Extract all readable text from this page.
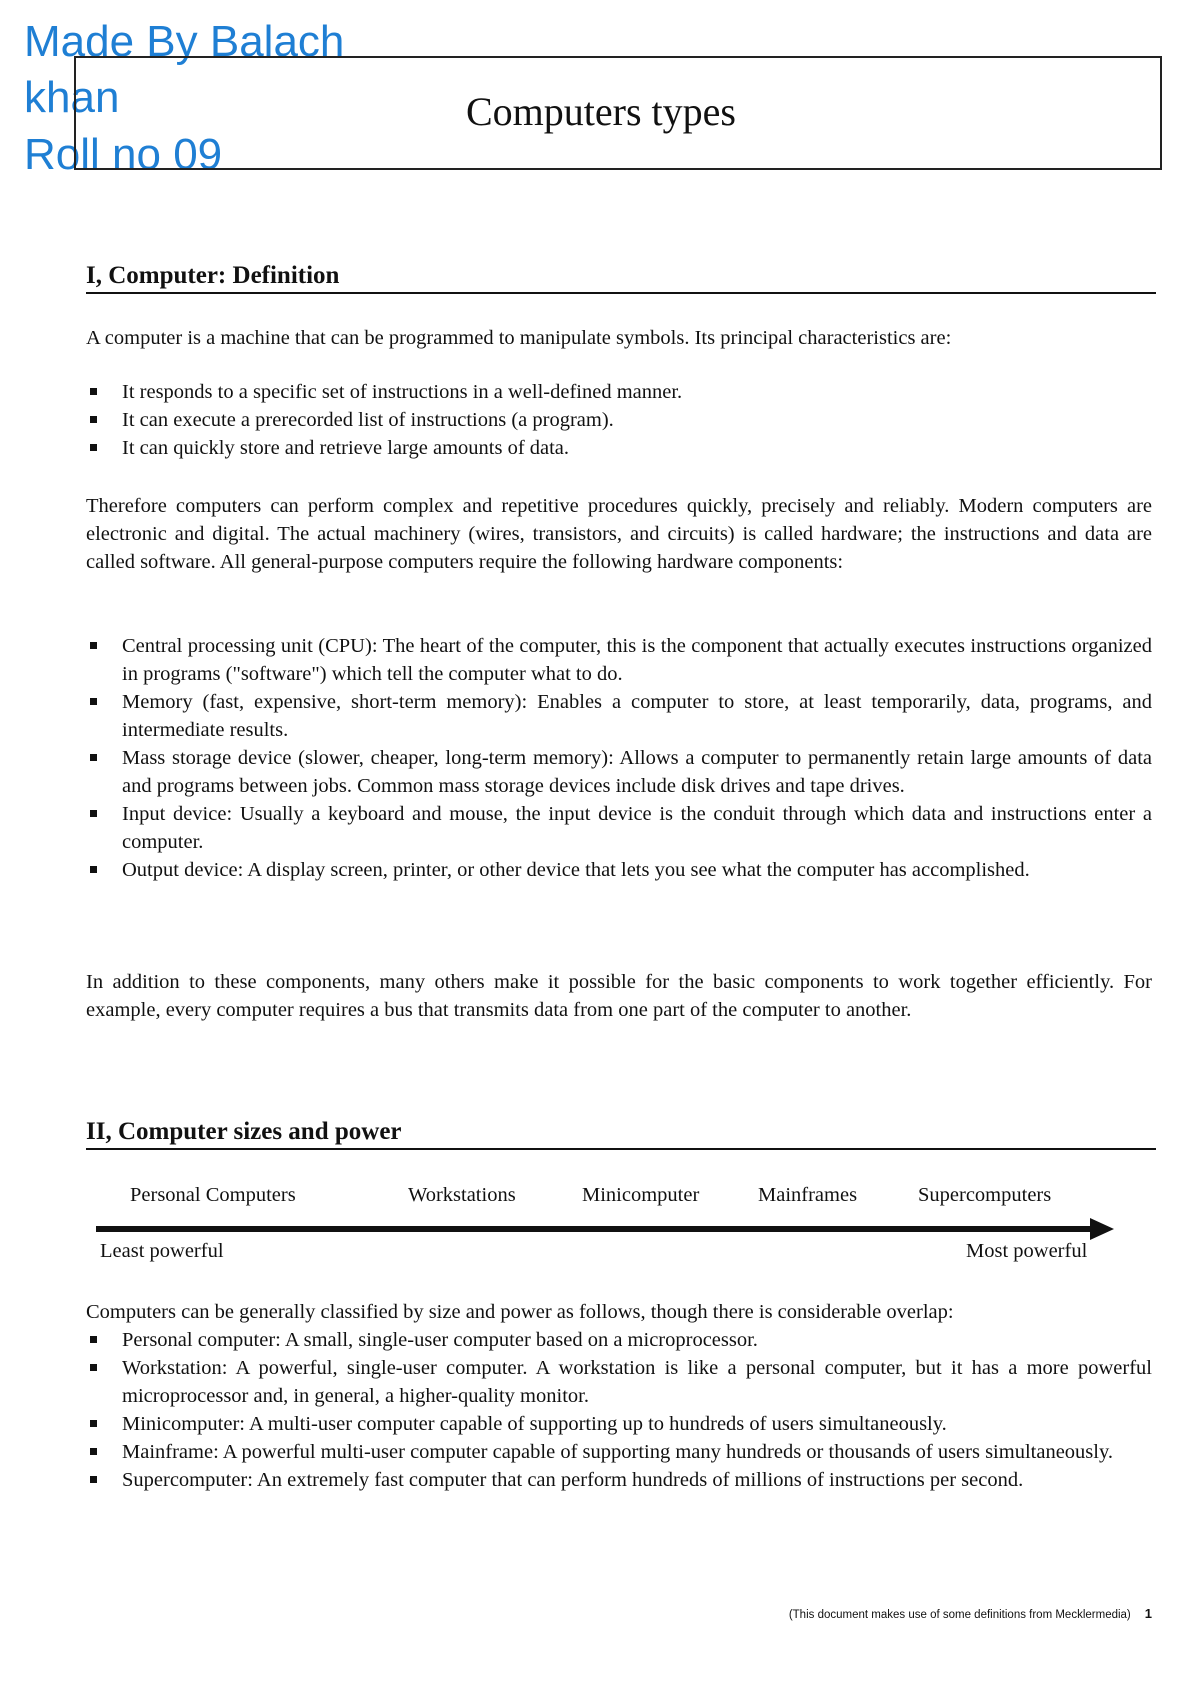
Made By Balach
khan
Roll no 09
Computers types
I, Computer: Definition

A computer is a machine that can be programmed to manipulate symbols. Its principal characteristics are:

It responds to a specific set of instructions in a well-defined manner.
It can execute a prerecorded list of instructions (a program).
It can quickly store and retrieve large amounts of data.

Therefore computers can perform complex and repetitive procedures quickly, precisely and reliably. Modern computers are electronic and digital. The actual machinery (wires, transistors, and circuits) is called hardware; the instructions and data are called software. All general-purpose computers require the following hardware components:

Central processing unit (CPU): The heart of the computer, this is the component that actually executes instructions organized in programs ("software") which tell the computer what to do.
Memory (fast, expensive, short-term memory): Enables a computer to store, at least temporarily, data, programs, and intermediate results.
Mass storage device (slower, cheaper, long-term memory): Allows a computer to permanently retain large amounts of data and programs between jobs. Common mass storage devices include disk drives and tape drives.
Input device: Usually a keyboard and mouse, the input device is the conduit through which data and instructions enter a computer.
Output device: A display screen, printer, or other device that lets you see what the computer has accomplished.

In addition to these components, many others make it possible for the basic components to work together efficiently. For example, every computer requires a bus that transmits data from one part of the computer to another.

II, Computer sizes and power
Personal Computers	Workstations	Minicomputer	Mainframes	Supercomputers
Least powerful	Most powerful

Computers can be generally classified by size and power as follows, though there is considerable overlap:

Personal computer: A small, single-user computer based on a microprocessor.
Workstation: A powerful, single-user computer. A workstation is like a personal computer, but it has a more powerful microprocessor and, in general, a higher-quality monitor.
Minicomputer: A multi-user computer capable of supporting up to hundreds of users simultaneously.
Mainframe: A powerful multi-user computer capable of supporting many hundreds or thousands of users simultaneously.
Supercomputer: An extremely fast computer that can perform hundreds of millions of instructions per second.
(This document makes use of some definitions from Mecklermedia) 1
